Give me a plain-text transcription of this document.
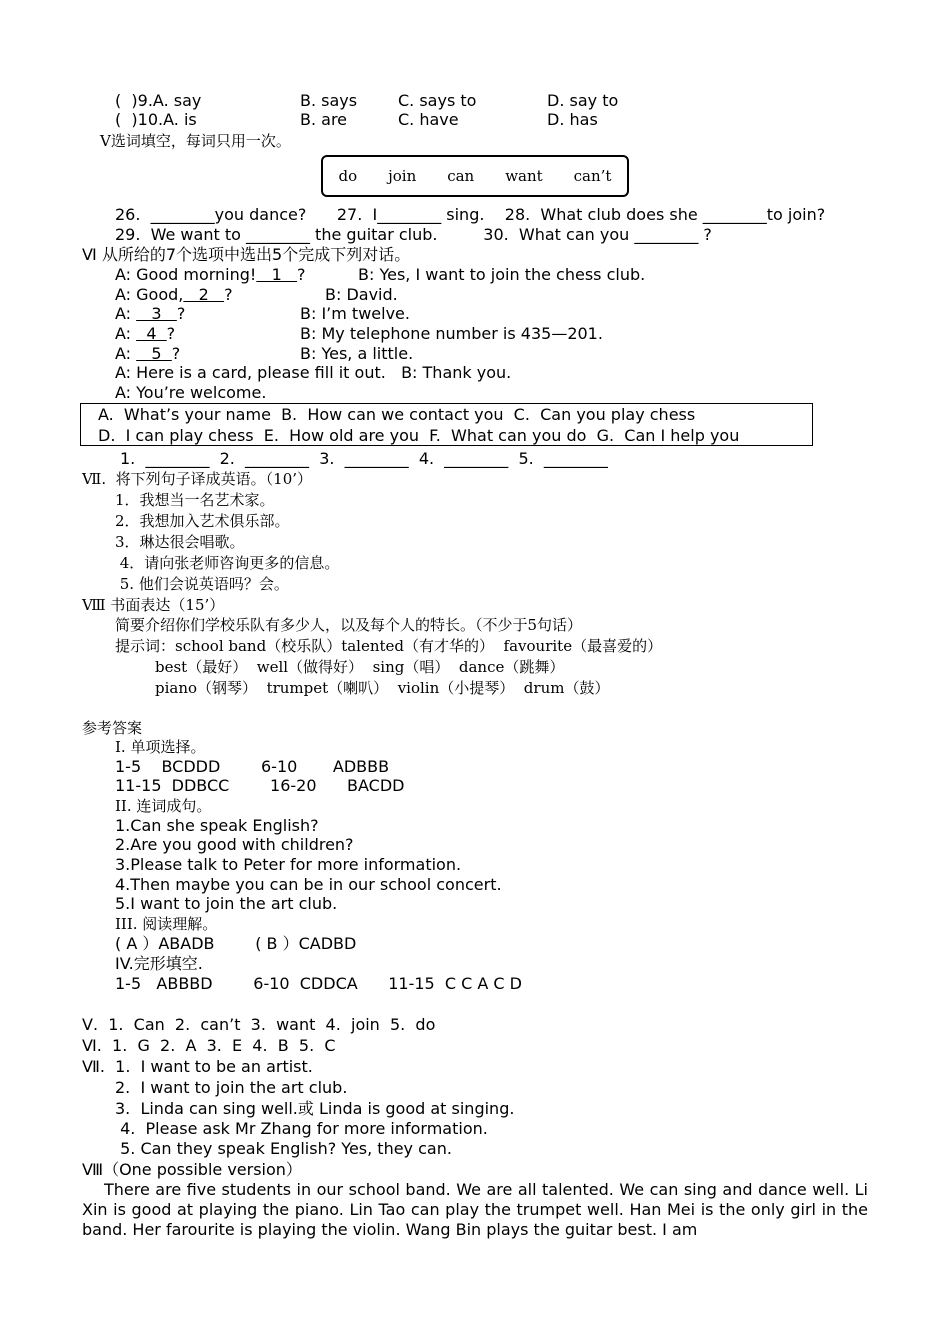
(  )9.A. say	B. says	C. says to	D. say to
(  )10.A. is	B. are	C. have	D. has
Ⅴ选词填空，每词只用一次。
do join can want can’t
26.  ________you dance?      27.  I________ sing.    28.  What club does she ________to join?
29.  We want to ________ the guitar club.         30.  What can you ________ ?
Ⅵ 从所给的7个选项中选出5个完成下列对话。
A: Good morning!   1   ?	B: Yes, I want to join the chess club.
A: Good,   2   ?	B: David.
A:    3   ?	B: I’m twelve.
A:   4  ?	B: My telephone number is 435—201.
A:    5  ?	B: Yes, a little.
A: Here is a card, please fill it out.   B: Thank you.
A: You’re welcome.
A.  What’s your name  B.  How can we contact you  C.  Can you play chess
D.  I can play chess  E.  How old are you  F.  What can you do  G.  Can I help you
1.  ________  2.  ________  3.  ________  4.  ________  5.  ________
Ⅶ.  将下列句子译成英语。（10’）
1．我想当一名艺术家。
2．我想加入艺术俱乐部。
3．琳达很会唱歌。
4．请向张老师咨询更多的信息。
5. 他们会说英语吗？会。
Ⅷ 书面表达（15’）
简要介绍你们学校乐队有多少人，以及每个人的特长。（不少于5句话）
提示词：school band（校乐队）talented（有才华的）  favourite（最喜爱的）
best（最好）  well（做得好）  sing（唱）  dance（跳舞）
piano（钢琴）  trumpet（喇叭）  violin（小提琴）  drum（鼓）
参考答案
I. 单项选择。
1-5    BCDDD        6-10       ADBBB
11-15  DDBCC        16-20      BACDD
II. 连词成句。
1.Can she speak English?
2.Are you good with children?
3.Please talk to Peter for more information.
4.Then maybe you can be in our school concert.
5.I want to join the art club.
III. 阅读理解。
( A ）ABADB        ( B ）CADBD
IV.完形填空.
1-5   ABBBD        6-10  CDDCA      11-15  C C A C D
Ⅴ.  1.  Can  2.  can’t  3.  want  4.  join  5.  do
Ⅵ.  1.  G  2.  A  3.  E  4.  B  5.  C
Ⅶ.  1.  I want to be an artist.
2.  I want to join the art club.
3.  Linda can sing well.或 Linda is good at singing.
4.  Please ask Mr Zhang for more information.
5. Can they speak English? Yes, they can.
Ⅷ（One possible version）
There are five students in our school band. We are all talented. We can sing and dance well. Li Xin is good at playing the piano. Lin Tao can play the trumpet well. Han Mei is the only girl in the band. Her farourite is playing the violin. Wang Bin plays the guitar best. I am
